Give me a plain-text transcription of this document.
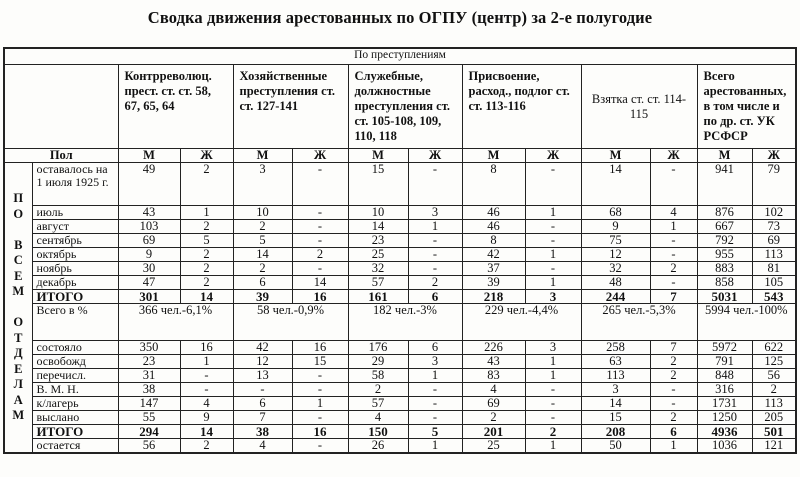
Сводка движения арестованных по ОГПУ (центр) за 2-е полугодие
По преступлениям													
		Контрреволюц. прест. ст. ст. 58, 67, 65, 64		Хозяйственные преступления ст. ст. 127-141		Служебные, должностные преступления ст. ст. 105-108, 109, 110, 118		Присвоение, расход., подлог ст. ст. 113-116		Взятка ст. ст. 114-115		Всего арестованных, в том числе и по др. ст. УК РСФСР	
Пол		М	Ж	М	Ж	М	Ж	М	Ж	М	Ж	М	Ж

П
О

В
С
Е
М

О
Т
Д
Е
Л
А
М
	оставалось на 1 июля 1925 г.	49	2	3	-	15	-	8	-	14	-	941	79
	июль	43	1	10	-	10	3	46	1	68	4	876	102
	август	103	2	2	-	14	1	46	-	9	1	667	73
	сентябрь	69	5	5	-	23	-	8	-	75	-	792	69
	октябрь	9	2	14	2	25	-	42	1	12	-	955	113
	ноябрь	30	2	2	-	32	-	37	-	32	2	883	81
	декабрь	47	2	6	14	57	2	39	1	48	-	858	105
	ИТОГО	301	14	39	16	161	6	218	3	244	7	5031	543
	Всего в %	366 чел.-6,1%		58 чел.-0,9%		182 чел.-3%		229 чел.-4,4%		265 чел.-5,3%		5994 чел.-100%	
	состояло	350	16	42	16	176	6	226	3	258	7	5972	622
	освобожд	23	1	12	15	29	3	43	1	63	2	791	125
	перечисл.	31	-	13	-	58	1	83	1	113	2	848	56
	В. М. Н.	38	-	-	-	2	-	4	-	3	-	316	2
	к/лагерь	147	4	6	1	57	-	69	-	14	-	1731	113
	выслано	55	9	7	-	4	-	2	-	15	2	1250	205
	ИТОГО	294	14	38	16	150	5	201	2	208	6	4936	501
	остается	56	2	4	-	26	1	25	1	50	1	1036	121
